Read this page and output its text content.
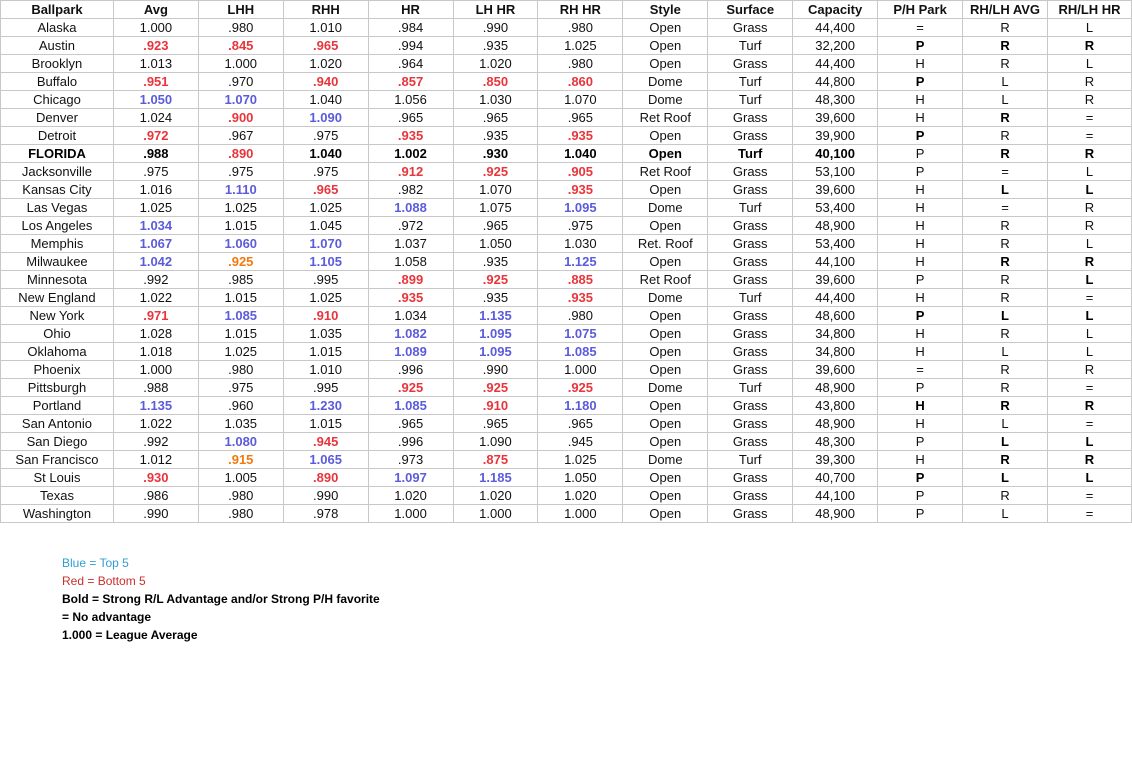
Ballpark	Avg	LHH	RHH	HR	LH HR	RH HR	Style	Surface	Capacity	P/H Park	RH/LH AVG	RH/LH HR
Alaska	1.000	.980	1.010	.984	.990	.980	Open	Grass	44,400	=	R	L
Austin	.923	.845	.965	.994	.935	1.025	Open	Turf	32,200	P	R	R
Brooklyn	1.013	1.000	1.020	.964	1.020	.980	Open	Grass	44,400	H	R	L
Buffalo	.951	.970	.940	.857	.850	.860	Dome	Turf	44,800	P	L	R
Chicago	1.050	1.070	1.040	1.056	1.030	1.070	Dome	Turf	48,300	H	L	R
Denver	1.024	.900	1.090	.965	.965	.965	Ret Roof	Grass	39,600	H	R	=
Detroit	.972	.967	.975	.935	.935	.935	Open	Grass	39,900	P	R	=
FLORIDA	.988	.890	1.040	1.002	.930	1.040	Open	Turf	40,100	P	R	R
Jacksonville	.975	.975	.975	.912	.925	.905	Ret Roof	Grass	53,100	P	=	L
Kansas City	1.016	1.110	.965	.982	1.070	.935	Open	Grass	39,600	H	L	L
Las Vegas	1.025	1.025	1.025	1.088	1.075	1.095	Dome	Turf	53,400	H	=	R
Los Angeles	1.034	1.015	1.045	.972	.965	.975	Open	Grass	48,900	H	R	R
Memphis	1.067	1.060	1.070	1.037	1.050	1.030	Ret. Roof	Grass	53,400	H	R	L
Milwaukee	1.042	.925	1.105	1.058	.935	1.125	Open	Grass	44,100	H	R	R
Minnesota	.992	.985	.995	.899	.925	.885	Ret Roof	Grass	39,600	P	R	L
New England	1.022	1.015	1.025	.935	.935	.935	Dome	Turf	44,400	H	R	=
New York	.971	1.085	.910	1.034	1.135	.980	Open	Grass	48,600	P	L	L
Ohio	1.028	1.015	1.035	1.082	1.095	1.075	Open	Grass	34,800	H	R	L
Oklahoma	1.018	1.025	1.015	1.089	1.095	1.085	Open	Grass	34,800	H	L	L
Phoenix	1.000	.980	1.010	.996	.990	1.000	Open	Grass	39,600	=	R	R
Pittsburgh	.988	.975	.995	.925	.925	.925	Dome	Turf	48,900	P	R	=
Portland	1.135	.960	1.230	1.085	.910	1.180	Open	Grass	43,800	H	R	R
San Antonio	1.022	1.035	1.015	.965	.965	.965	Open	Grass	48,900	H	L	=
San Diego	.992	1.080	.945	.996	1.090	.945	Open	Grass	48,300	P	L	L
San Francisco	1.012	.915	1.065	.973	.875	1.025	Dome	Turf	39,300	H	R	R
St Louis	.930	1.005	.890	1.097	1.185	1.050	Open	Grass	40,700	P	L	L
Texas	.986	.980	.990	1.020	1.020	1.020	Open	Grass	44,100	P	R	=
Washington	.990	.980	.978	1.000	1.000	1.000	Open	Grass	48,900	P	L	=
Blue = Top 5
Red = Bottom 5
Bold = Strong R/L Advantage and/or Strong P/H favorite
= No advantage
1.000 = League Average
